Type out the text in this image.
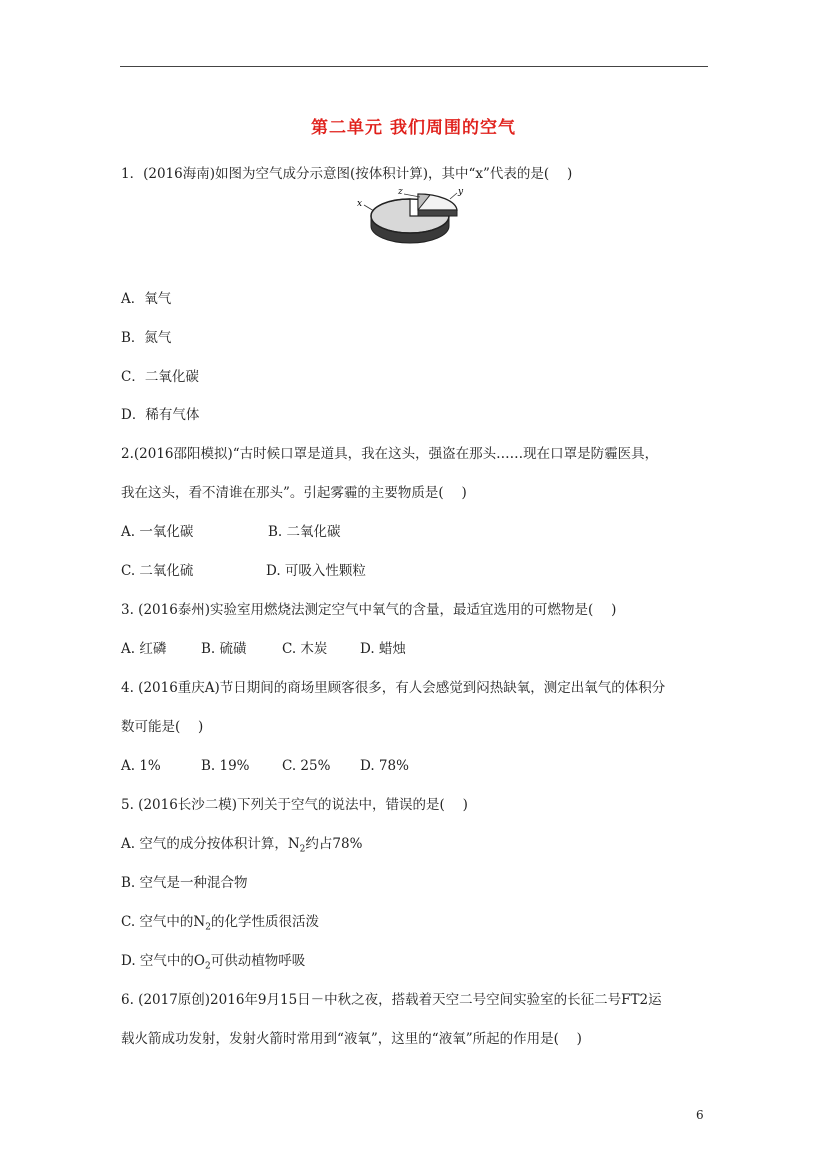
第二单元 我们周围的空气
1．(2016海南)如图为空气成分示意图(按体积计算)，其中“x”代表的是(　 )
x
z	y
A．氧气
B．氮气
C．二氧化碳
D．稀有气体
2.(2016邵阳模拟)“古时候口罩是道具，我在这头，强盗在那头……现在口罩是防霾医具，
我在这头，看不清谁在那头”。引起雾霾的主要物质是(　 )
A. 一氧化碳	B. 二氧化碳
C. 二氧化硫	D. 可吸入性颗粒
3. (2016泰州)实验室用燃烧法测定空气中氧气的含量，最适宜选用的可燃物是(　 )
A. 红磷	B. 硫磺	C. 木炭 D. 蜡烛
4. (2016重庆A)节日期间的商场里顾客很多，有人会感觉到闷热缺氧，测定出氧气的体积分
数可能是(　 )
A. 1%	B. 19% C. 25% D. 78%
5. (2016长沙二模)下列关于空气的说法中，错误的是(　 )
A. 空气的成分按体积计算，$N_2$约占78%
B. 空气是一种混合物
C. 空气中的$N_2$的化学性质很活泼
D. 空气中的$O_2$可供动植物呼吸
6. (2017原创)2016年9月15日－中秋之夜，搭载着天空二号空间实验室的长征二号FT2运
载火箭成功发射，发射火箭时常用到“液氧”，这里的“液氧”所起的作用是(　 )
6
